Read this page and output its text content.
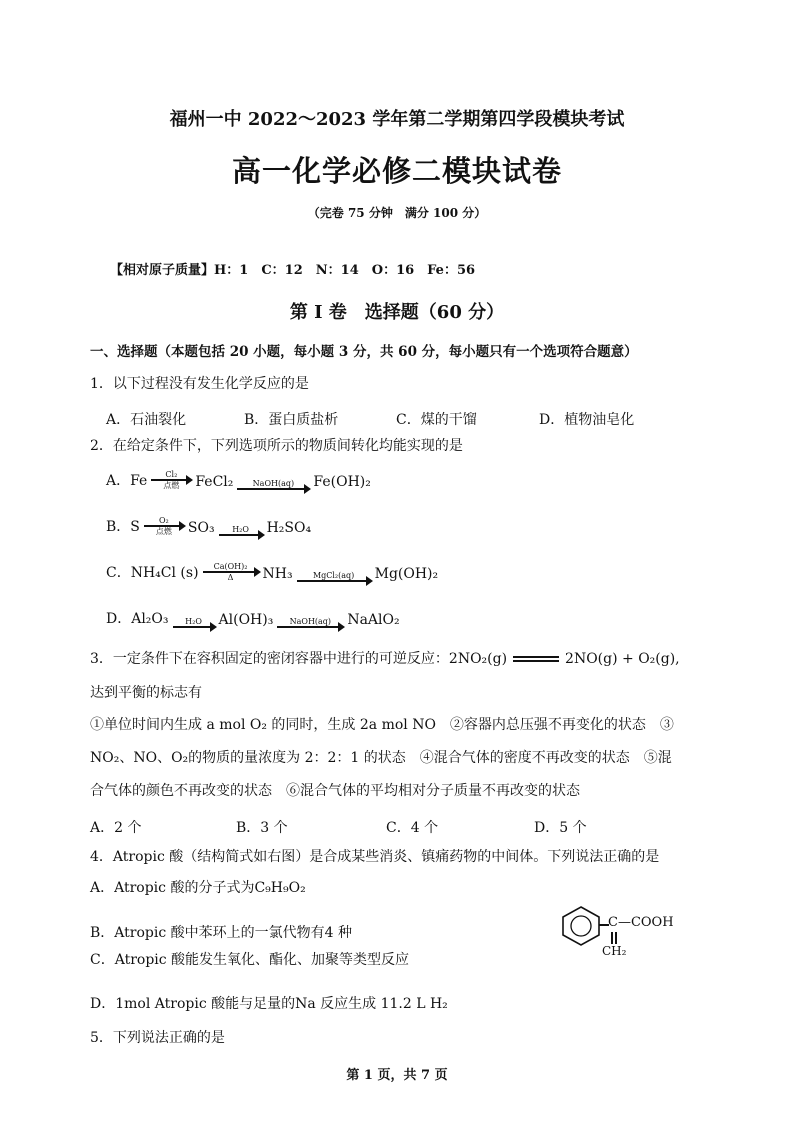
福州一中 2022～2023 学年第二学期第四学段模块考试
高一化学必修二模块试卷
（完卷 75 分钟　满分 100 分）
【相对原子质量】H：1　C：12　N：14　O：16　Fe：56
第 I 卷　选择题（60 分）
一、选择题（本题包括 20 小题，每小题 3 分，共 60 分，每小题只有一个选项符合题意）
1．以下过程没有发生化学反应的是
A．石油裂化	B．蛋白质盐析	C．煤的干馏	D．植物油皂化
2．在给定条件下，下列选项所示的物质间转化均能实现的是
A．Fe Cl₂
点燃 FeCl₂ NaOH(aq) Fe(OH)₂
B．S O₂
点燃 SO₃ H₂O H₂SO₄
C．NH₄Cl (s) Ca(OH)₂
Δ NH₃	MgCl₂(aq) Mg(OH)₂
D．Al₂O₃ H₂O Al(OH)₃ NaOH(aq) NaAlO₂
3．一定条件下在容积固定的密闭容器中进行的可逆反应：2NO₂(g)	2NO(g) + O₂(g),
达到平衡的标志有
①单位时间内生成 a mol O₂ 的同时，生成 2a mol NO　②容器内总压强不再变化的状态　③
NO₂、NO、O₂的物质的量浓度为 2：2：1 的状态　④混合气体的密度不再改变的状态　⑤混
合气体的颜色不再改变的状态　⑥混合气体的平均相对分子质量不再改变的状态
A．2 个	B．3 个	C．4 个	D．5 个
4．Atropic 酸（结构简式如右图）是合成某些消炎、镇痛药物的中间体。下列说法正确的是
A．Atropic 酸的分子式为C₉H₉O₂
B．Atropic 酸中苯环上的一氯代物有4 种
C．Atropic 酸能发生氧化、酯化、加聚等类型反应
D．1mol Atropic 酸能与足量的Na 反应生成 11.2 L H₂
C—COOH
CH₂
5．下列说法正确的是
第 1 页，共 7 页
